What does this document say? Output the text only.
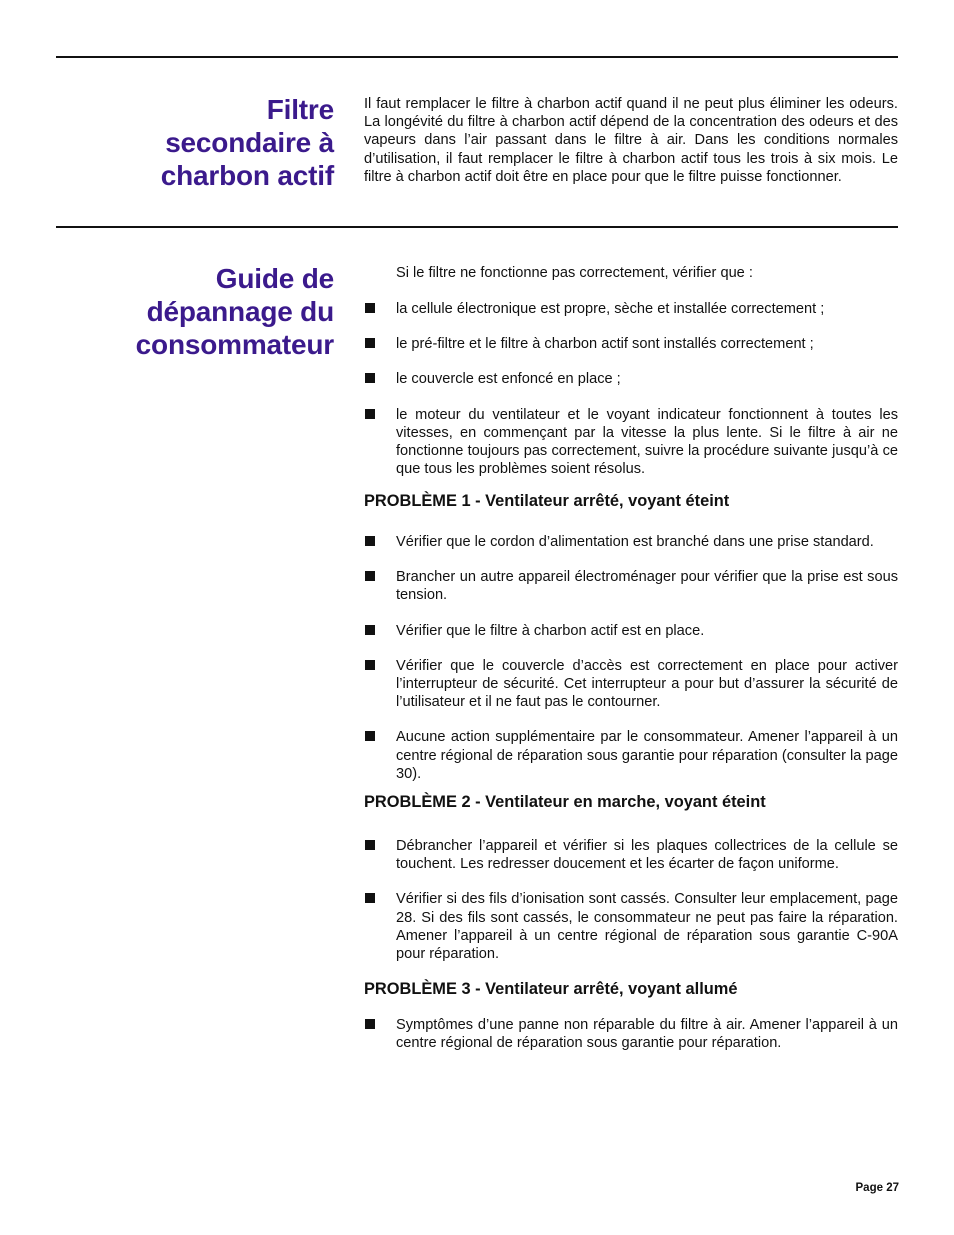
Filtre
secondaire à
charbon actif

Il faut remplacer le filtre à charbon actif quand il ne peut plus éliminer les odeurs. La longévité du filtre à charbon actif dépend de la concentration des odeurs et des vapeurs dans l’air passant dans le filtre à air. Dans les conditions normales d’utilisation, il faut remplacer le filtre à charbon actif tous les trois à six mois. Le filtre à charbon actif doit être en place pour que le filtre puisse fonctionner.

Guide de
dépannage du
consommateur

Si le filtre ne fonctionne pas correctement, vérifier que :

la cellule électronique est propre, sèche et installée correctement ;
le pré-filtre et le filtre à charbon actif sont installés correctement ;
le couvercle est enfoncé en place ;
le moteur du ventilateur et le voyant indicateur fonctionnent à toutes les vitesses, en commençant par la vitesse la plus lente. Si le filtre à air ne fonctionne toujours pas correctement, suivre la procédure suivante jusqu’à ce que tous les problèmes soient résolus.
PROBLÈME 1 - Ventilateur arrêté, voyant éteint
Vérifier que le cordon d’alimentation est branché dans une prise standard.
Brancher un autre appareil électroménager pour vérifier que la prise est sous tension.
Vérifier que le filtre à charbon actif est en place.
Vérifier que le couvercle d’accès est correctement en place pour activer l’interrupteur de sécurité. Cet interrupteur a pour but d’assurer la sécurité de l’utilisateur et il ne faut pas le contourner.
Aucune action supplémentaire par le consommateur. Amener l’appareil à un centre régional de réparation sous garantie pour réparation (consulter la page 30).
PROBLÈME 2 - Ventilateur en marche, voyant éteint
Débrancher l’appareil et vérifier si les plaques collectrices de la cellule se touchent. Les redresser doucement et les écarter de façon uniforme.
Vérifier si des fils d’ionisation sont cassés. Consulter leur emplacement, page 28. Si des fils sont cassés, le consommateur ne peut pas faire la réparation. Amener l’appareil à un centre régional de réparation sous garantie C-90A pour réparation.
PROBLÈME 3 - Ventilateur arrêté, voyant allumé
Symptômes d’une panne non réparable du filtre à air. Amener l’appareil à un centre régional de réparation sous garantie pour réparation.
Page 27
